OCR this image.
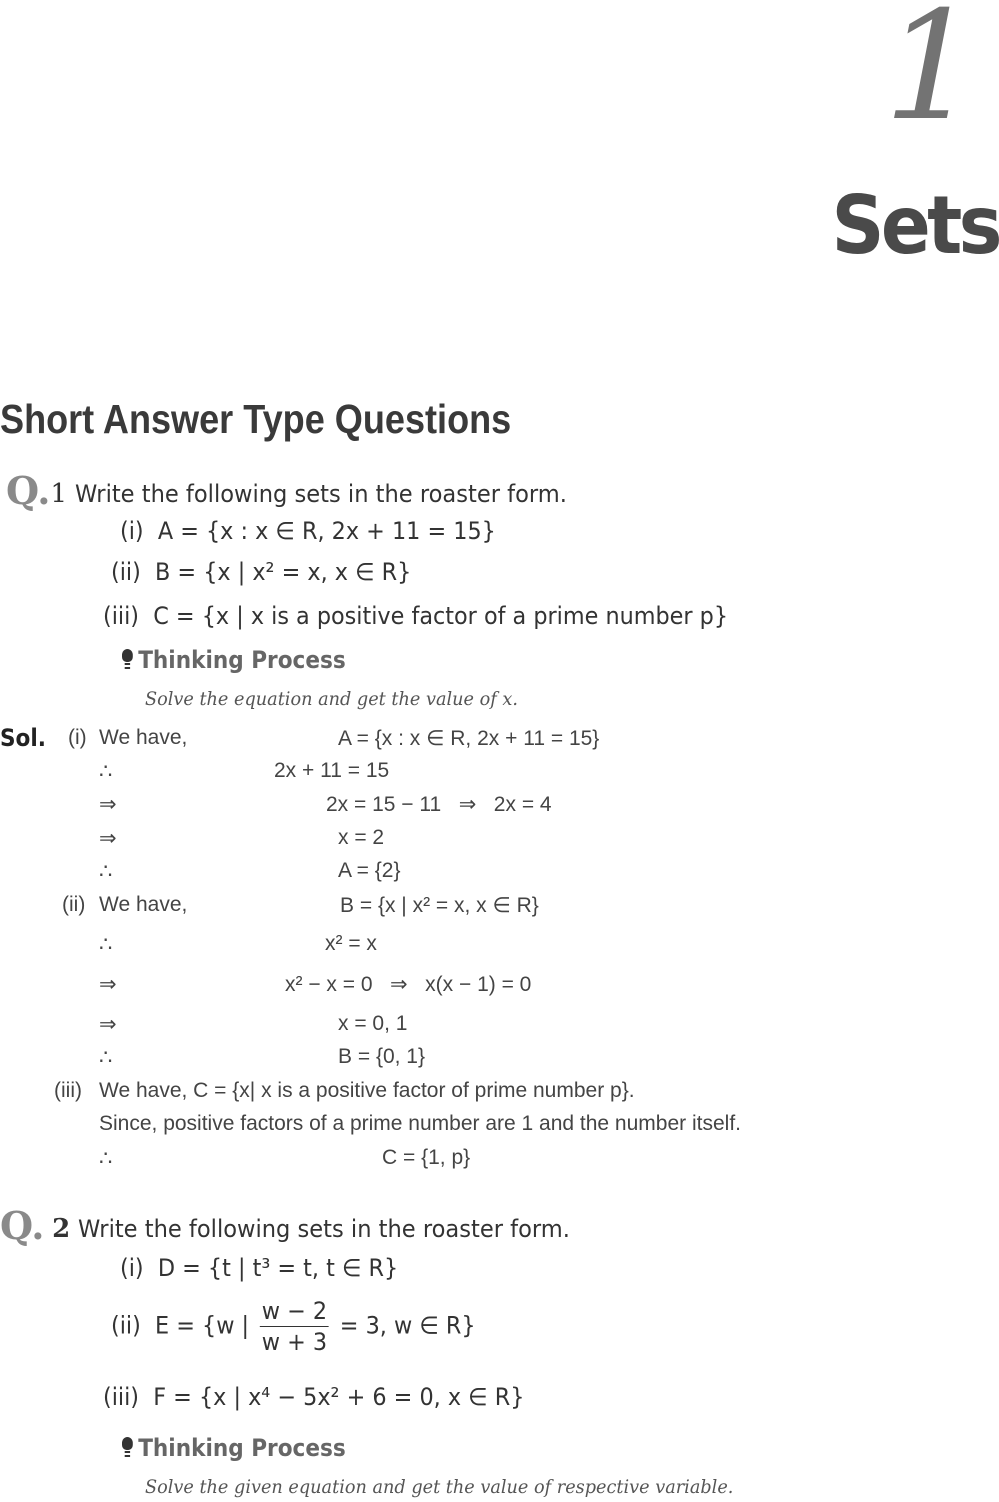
1
Sets
Short Answer Type Questions
Q.1 Write the following sets in the roaster form.
(i) A = {x : x ∈ R, 2x + 11 = 15}
(ii) B = {x | x² = x, x ∈ R}
(iii) C = {x | x is a positive factor of a prime number p}
Thinking Process
Solve the equation and get the value of x.
Sol. (i) We have,	A = {x : x ∈ R, 2x + 11 = 15}
∴	2x + 11 = 15
⇒	2x = 15 − 11   ⇒   2x = 4
⇒	x = 2
∴	A = {2}
(ii) We have,	B = {x | x² = x, x ∈ R}
∴	x² = x
⇒	x² − x = 0   ⇒   x(x − 1) = 0
⇒	x = 0, 1
∴	B = {0, 1}
(iii) We have, C = {x| x is a positive factor of prime number p}.
Since, positive factors of a prime number are 1 and the number itself.
∴	C = {1, p}
Q. 2 Write the following sets in the roaster form.
(i) D = {t | t³ = t, t ∈ R}
(ii) E = {w | $\frac{w - 2}{w + 3} = 3$, w ∈ R}
(iii) F = {x | x⁴ − 5x² + 6 = 0, x ∈ R}
Thinking Process
Solve the given equation and get the value of respective variable.
